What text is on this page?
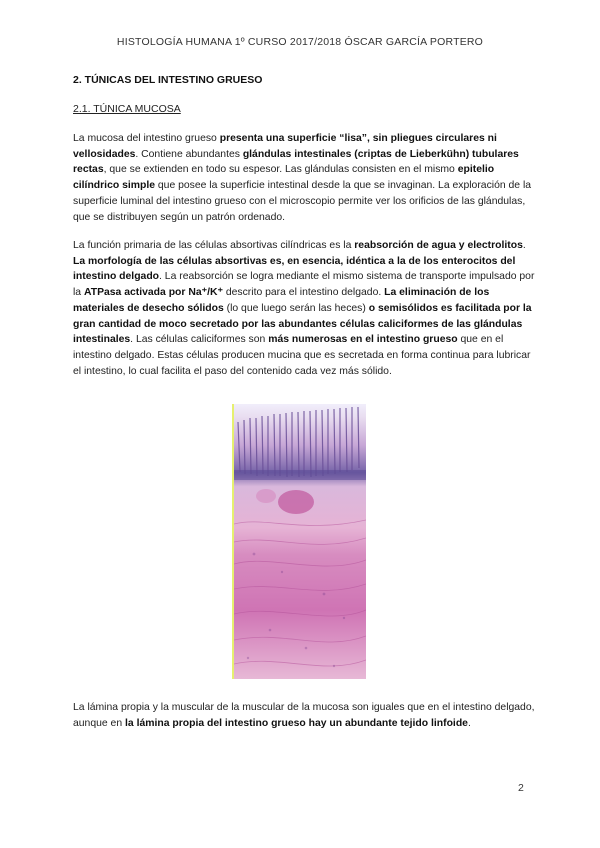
HISTOLOGÍA HUMANA 1º CURSO 2017/2018 ÓSCAR GARCÍA PORTERO
2. TÚNICAS DEL INTESTINO GRUESO
2.1. TÚNICA MUCOSA

La mucosa del intestino grueso presenta una superficie “lisa”, sin pliegues circulares ni vellosidades. Contiene abundantes glándulas intestinales (criptas de Lieberkühn) tubulares rectas, que se extienden en todo su espesor. Las glándulas consisten en el mismo epitelio cilíndrico simple que posee la superficie intestinal desde la que se invaginan. La exploración de la superficie luminal del intestino grueso con el microscopio permite ver los orificios de las glándulas, que se distribuyen según un patrón ordenado.

La función primaria de las células absortivas cilíndricas es la reabsorción de agua y electrolitos. La morfología de las células absortivas es, en esencia, idéntica a la de los enterocitos del intestino delgado. La reabsorción se logra mediante el mismo sistema de transporte impulsado por la ATPasa activada por Na⁺/K⁺ descrito para el intestino delgado. La eliminación de los materiales de desecho sólidos (lo que luego serán las heces) o semisólidos es facilitada por la gran cantidad de moco secretado por las abundantes células caliciformes de las glándulas intestinales. Las células caliciformes son más numerosas en el intestino grueso que en el intestino delgado. Estas células producen mucina que es secretada en forma continua para lubricar el intestino, lo cual facilita el paso del contenido cada vez más sólido.

La lámina propia y la muscular de la muscular de la mucosa son iguales que en el intestino delgado, aunque en la lámina propia del intestino grueso hay un abundante tejido linfoide.

2
